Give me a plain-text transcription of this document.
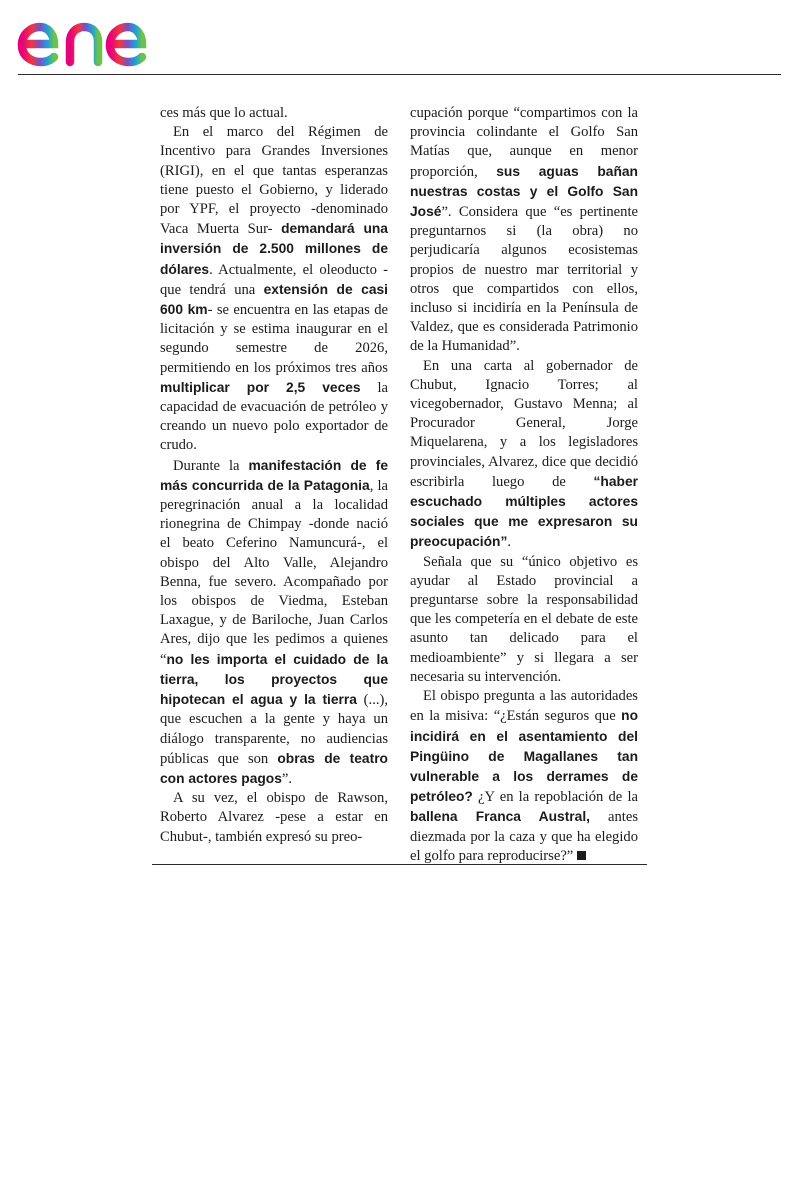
ces más que lo actual.

En el marco del Régimen de Incentivo para Grandes Inversiones (RIGI), en el que tantas esperanzas tiene puesto el Gobierno, y liderado por YPF, el proyecto -denominado Vaca Muerta Sur- demandará una inversión de 2.500 millones de dólares. Actualmente, el oleoducto -que tendrá una extensión de casi 600 km- se encuentra en las etapas de licitación y se estima inaugurar en el segundo semestre de 2026, permitiendo en los próximos tres años multiplicar por 2,5 veces la capacidad de evacuación de petróleo y creando un nuevo polo exportador de crudo.

Durante la manifestación de fe más concurrida de la Patagonia, la peregrinación anual a la localidad rionegrina de Chimpay -donde nació el beato Ceferino Namuncurá-, el obispo del Alto Valle, Alejandro Benna, fue severo. Acompañado por los obispos de Viedma, Esteban Laxague, y de Bariloche, Juan Carlos Ares, dijo que les pedimos a quienes “no les importa el cuidado de la tierra, los proyectos que hipotecan el agua y la tierra (...), que escuchen a la gente y haya un diálogo transparente, no audiencias públicas que son obras de teatro con actores pagos”.

A su vez, el obispo de Rawson, Roberto Alvarez -pese a estar en Chubut-, también expresó su preo-

cupación porque “compartimos con la provincia colindante el Golfo San Matías que, aunque en menor proporción, sus aguas bañan nuestras costas y el Golfo San José”. Considera que “es pertinente preguntarnos si (la obra) no perjudicaría algunos ecosistemas propios de nuestro mar territorial y otros que compartidos con ellos, incluso si incidiría en la Península de Valdez, que es considerada Patrimonio de la Humanidad”.

En una carta al gobernador de Chubut, Ignacio Torres; al vicegobernador, Gustavo Menna; al Procurador General, Jorge Miquelarena, y a los legisladores provinciales, Alvarez, dice que decidió escribirla luego de “haber escuchado múltiples actores sociales que me expresaron su preocupación”.

Señala que su “único objetivo es ayudar al Estado provincial a preguntarse sobre la responsabilidad que les competería en el debate de este asunto tan delicado para el medioambiente” y si llegara a ser necesaria su intervención.

El obispo pregunta a las autoridades en la misiva: “¿Están seguros que no incidirá en el asentamiento del Pingüino de Magallanes tan vulnerable a los derrames de petróleo? ¿Y en la repoblación de la ballena Franca Austral, antes diezmada por la caza y que ha elegido el golfo para reproducirse?”
